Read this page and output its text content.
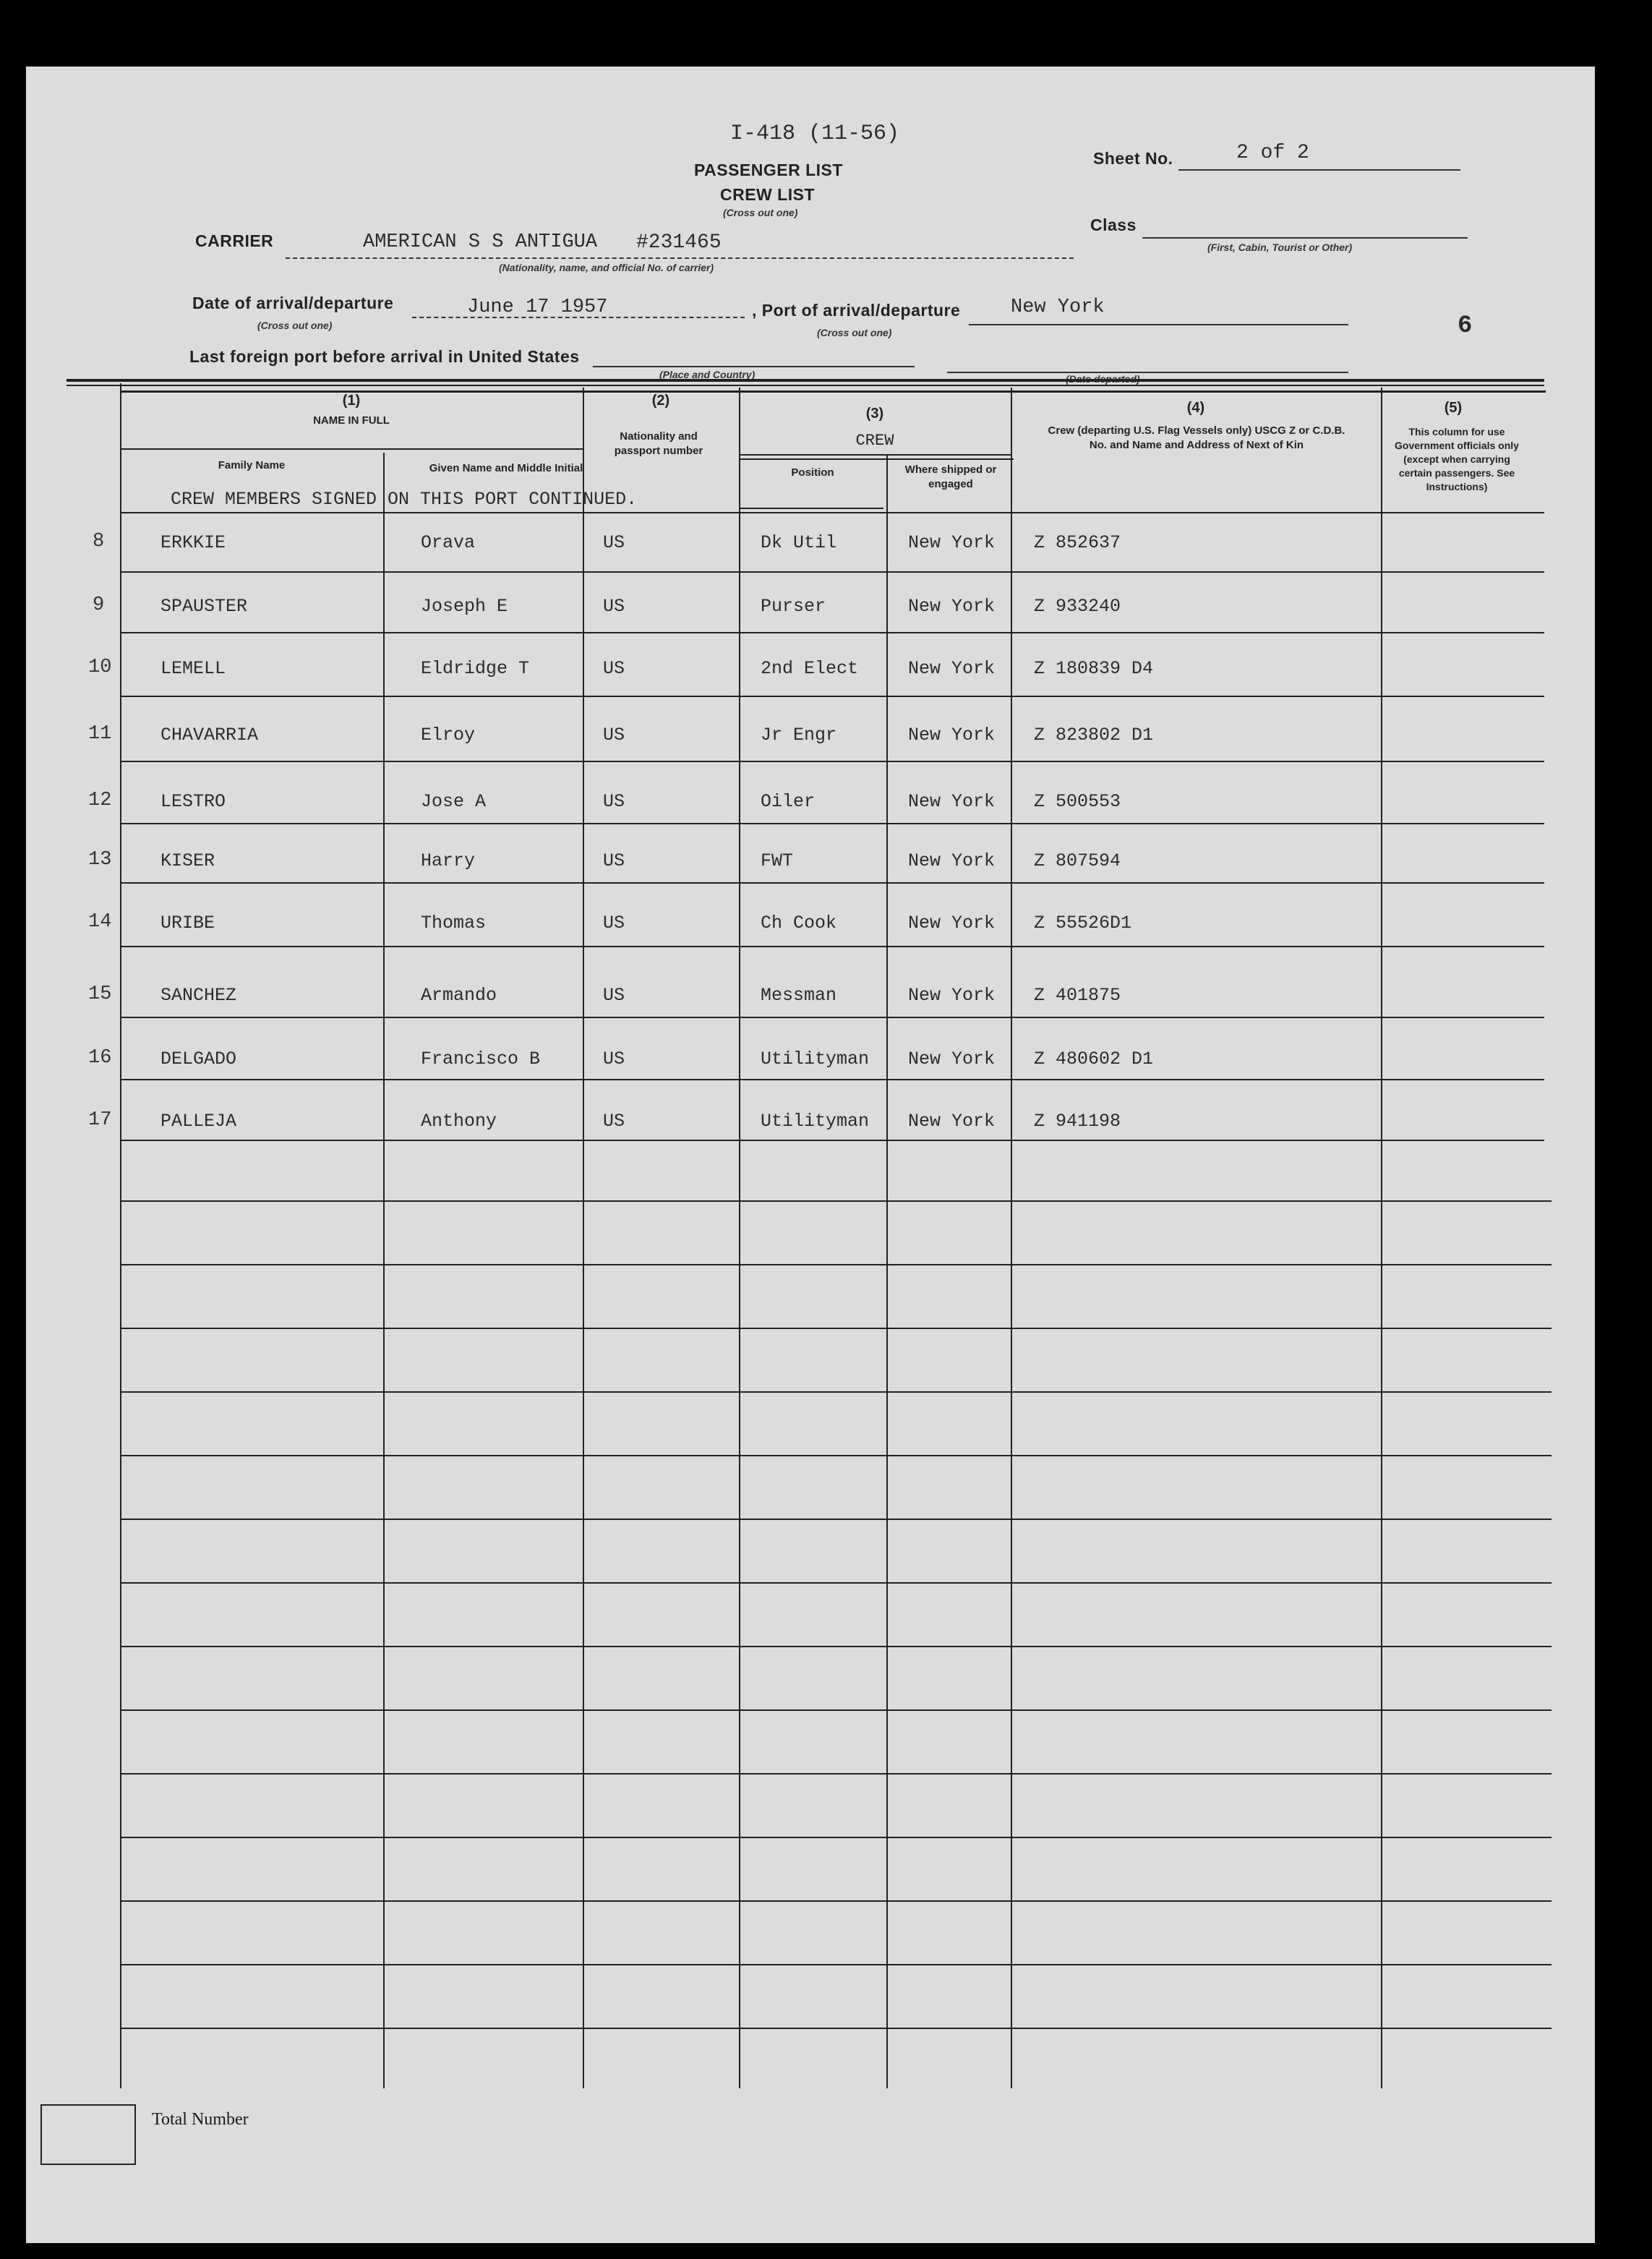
I-418 (11-56)
PASSENGER LIST
CREW LIST
(Cross out one)
Sheet No.	2 of 2
Class
(First, Cabin, Tourist or Other)
CARRIER	AMERICAN S S ANTIGUA #231465
(Nationality, name, and official No. of carrier)
Date of arrival/departure
(Cross out one)
June 17 1957	, Port of arrival/departure
(Cross out one)
New York
6
Last foreign port before arrival in United States
(Place and Country)	(Date departed)
(1)
NAME IN FULL
Family Name	Given Name and Middle Initial
(2)
Nationality and passport number
(3)
CREW
Position	Where shipped or engaged
(4)
Crew (departing U.S. Flag Vessels only) USCG Z or C.D.B. No. and Name and Address of Next of Kin
(5)
This column for use Government officials only (except when carrying certain passengers. See Instructions)
CREW MEMBERS SIGNED ON THIS PORT CONTINUED.
8	ERKKIE	Orava	US	Dk Util	New York Z 852637
9	SPAUSTER	Joseph E	US	Purser	New York Z 933240
10	LEMELL	Eldridge T	US	2nd Elect	New York Z 180839 D4
11	CHAVARRIA	Elroy	US	Jr Engr	New York Z 823802 D1
12	LESTRO	Jose A	US	Oiler	New York Z 500553
13	KISER	Harry	US	FWT	New York Z 807594
14	URIBE	Thomas	US	Ch Cook	New York Z 55526D1
15	SANCHEZ	Armando	US	Messman	New York Z 401875
16	DELGADO	Francisco B	US	Utilityman New York Z 480602 D1
17	PALLEJA	Anthony	US	Utilityman New York Z 941198
Total Number
